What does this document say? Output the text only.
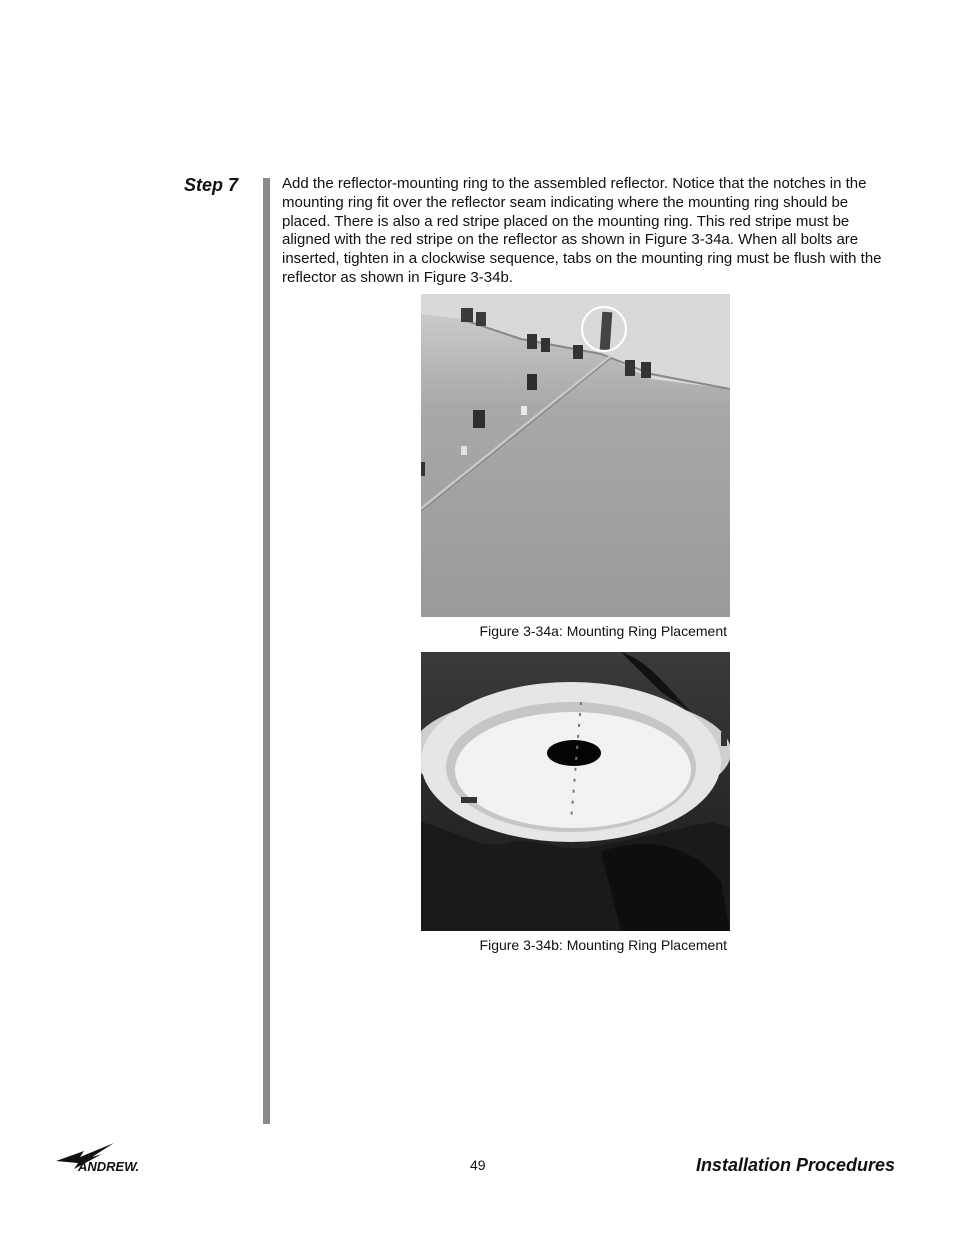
Step 7	Add the reflector-mounting ring to the assembled reflector. Notice that the notches in the mounting ring fit over the reflector seam indicating where the mounting ring should be placed. There is also a red stripe placed on the mounting ring. This red stripe must be aligned with the red stripe on the reflector as shown in Figure 3-34a. When all bolts are inserted, tighten in a clockwise sequence, tabs on the mounting ring must be flush with the reflector as shown in Figure 3-34b.

Figure 3-34a: Mounting Ring Placement
Figure 3-34b: Mounting Ring Placement
ANDREW.	49	Installation Procedures
